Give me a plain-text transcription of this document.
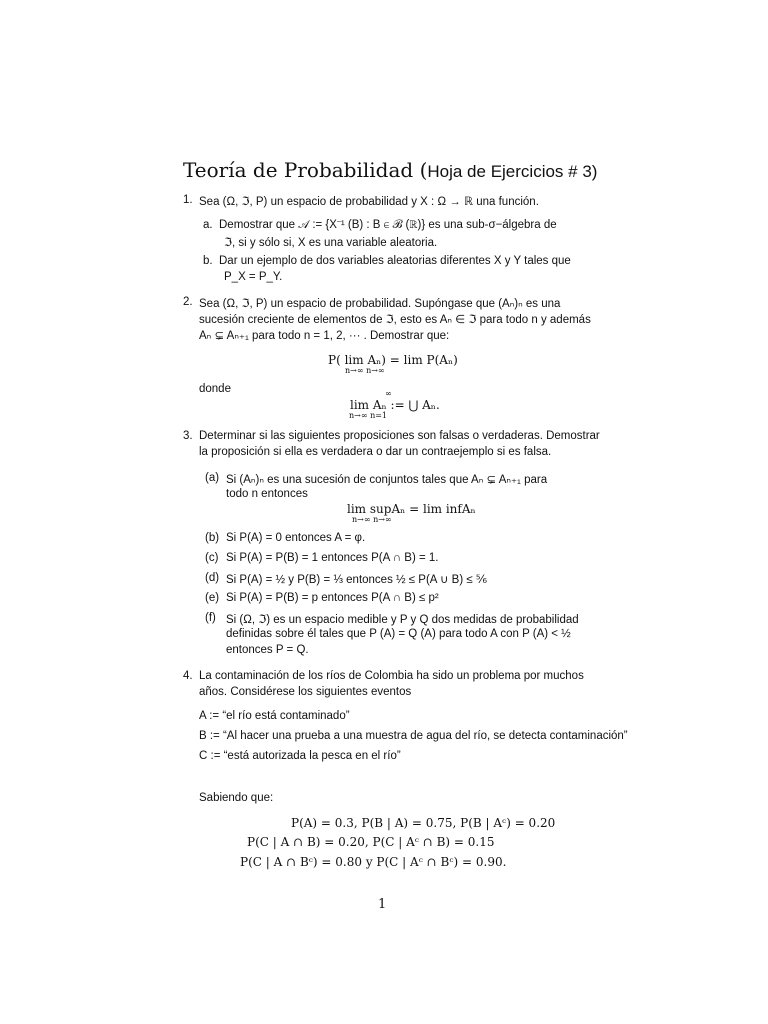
Teoría de Probabilidad (Hoja de Ejercicios # 3)
1. Sea (Ω, ℑ, P) un espacio de probabilidad y X : Ω → ℝ una función.
a. Demostrar que 𝒜 := {X⁻¹ (B) : B ∈ ℬ (ℝ)} es una sub-σ−álgebra de
ℑ, si y sólo si, X es una variable aleatoria.
b. Dar un ejemplo de dos variables aleatorias diferentes X y Y tales que
P_X = P_Y.
2. Sea (Ω, ℑ, P) un espacio de probabilidad. Supóngase que (Aₙ)ₙ es una
sucesión creciente de elementos de ℑ, esto es Aₙ ∈ ℑ para todo n y además
Aₙ ⊊ Aₙ₊₁ para todo n = 1, 2, ··· . Demostrar que:
P( lim Aₙ) = lim P(Aₙ)
n→∞ n→∞
donde	∞
lim Aₙ := ⋃ Aₙ.
n→∞ n=1
3. Determinar si las siguientes proposiciones son falsas o verdaderas. Demostrar
la proposición si ella es verdadera o dar un contraejemplo si es falsa.
(a) Si (Aₙ)ₙ es una sucesión de conjuntos tales que Aₙ ⊊ Aₙ₊₁ para
todo n entonces
lim supAₙ = lim infAₙ
n→∞ n→∞
(b) Si P(A) = 0 entonces A = φ.
(c) Si P(A) = P(B) = 1 entonces P(A ∩ B) = 1.
(d) Si P(A) = ½ y P(B) = ⅓ entonces ½ ≤ P(A ∪ B) ≤ ⅚
(e) Si P(A) = P(B) = p entonces P(A ∩ B) ≤ p²
(f) Si (Ω, ℑ) es un espacio medible y P y Q dos medidas de probabilidad
definidas sobre él tales que P (A) = Q (A) para todo A con P (A) < ½
entonces P = Q.
4. La contaminación de los ríos de Colombia ha sido un problema por muchos
años. Considérese los siguientes eventos
A := “el río está contaminado”
B := “Al hacer una prueba a una muestra de agua del río, se detecta contaminación”
C := “está autorizada la pesca en el río”
Sabiendo que:
P(A) = 0.3, P(B | A) = 0.75, P(B | Aᶜ) = 0.20
P(C | A ∩ B) = 0.20, P(C | Aᶜ ∩ B) = 0.15
P(C | A ∩ Bᶜ) = 0.80 y P(C | Aᶜ ∩ Bᶜ) = 0.90.
1
